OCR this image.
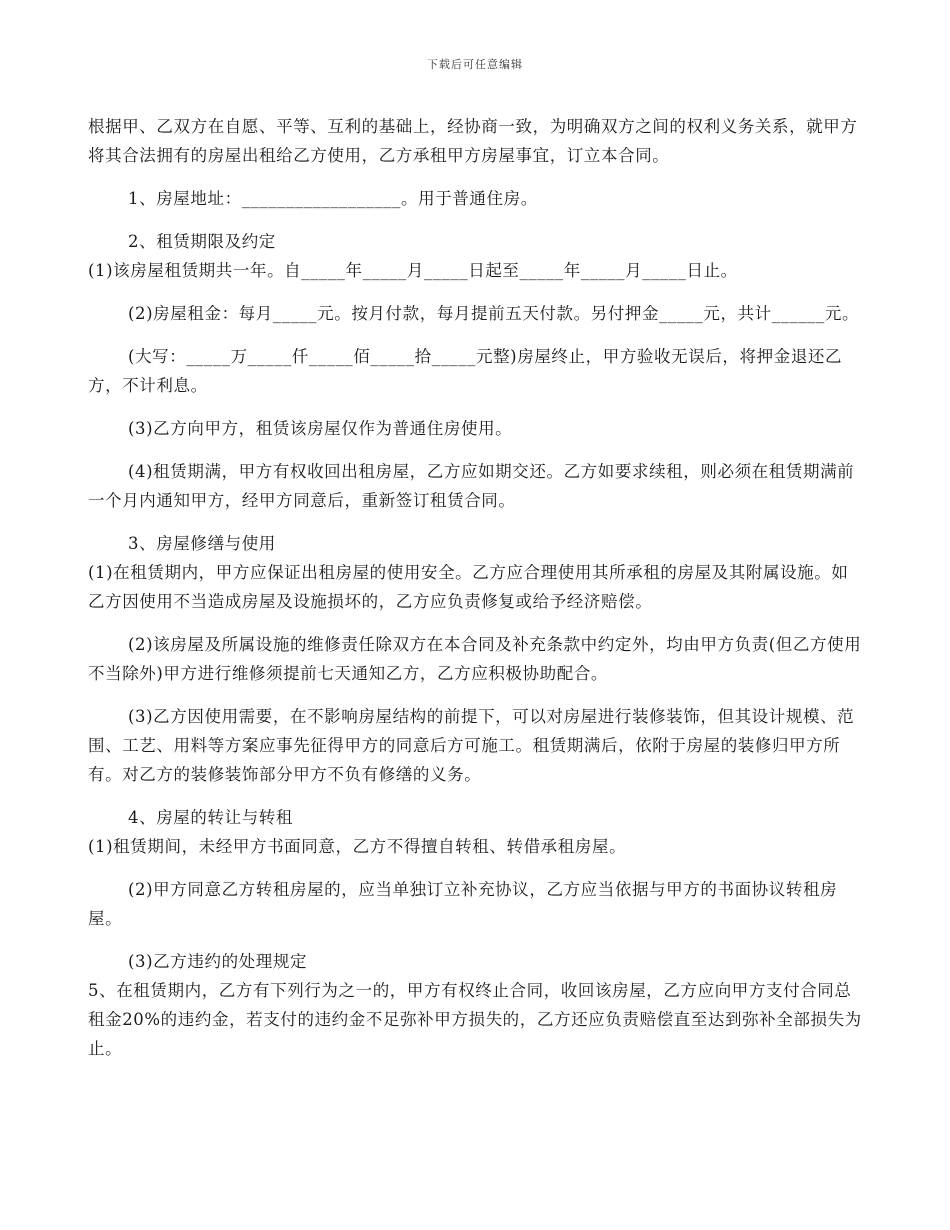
下载后可任意编辑

根据甲、乙双方在自愿、平等、互利的基础上，经协商一致，为明确双方之间的权利义务关系，就甲方将其合法拥有的房屋出租给乙方使用，乙方承租甲方房屋事宜，订立本合同。

1、房屋地址：__________________。用于普通住房。

2、租赁期限及约定

(1)该房屋租赁期共一年。自_____年_____月_____日起至_____年_____月_____日止。

(2)房屋租金：每月_____元。按月付款，每月提前五天付款。另付押金_____元，共计______元。

(大写：_____万_____仟_____佰_____拾_____元整)房屋终止，甲方验收无误后，将押金退还乙方，不计利息。

(3)乙方向甲方，租赁该房屋仅作为普通住房使用。

(4)租赁期满，甲方有权收回出租房屋，乙方应如期交还。乙方如要求续租，则必须在租赁期满前一个月内通知甲方，经甲方同意后，重新签订租赁合同。

3、房屋修缮与使用

(1)在租赁期内，甲方应保证出租房屋的使用安全。乙方应合理使用其所承租的房屋及其附属设施。如乙方因使用不当造成房屋及设施损坏的，乙方应负责修复或给予经济赔偿。

(2)该房屋及所属设施的维修责任除双方在本合同及补充条款中约定外，均由甲方负责(但乙方使用不当除外)甲方进行维修须提前七天通知乙方，乙方应积极协助配合。

(3)乙方因使用需要，在不影响房屋结构的前提下，可以对房屋进行装修装饰，但其设计规模、范围、工艺、用料等方案应事先征得甲方的同意后方可施工。租赁期满后，依附于房屋的装修归甲方所有。对乙方的装修装饰部分甲方不负有修缮的义务。

4、房屋的转让与转租

(1)租赁期间，未经甲方书面同意，乙方不得擅自转租、转借承租房屋。

(2)甲方同意乙方转租房屋的，应当单独订立补充协议，乙方应当依据与甲方的书面协议转租房屋。

(3)乙方违约的处理规定

5、在租赁期内，乙方有下列行为之一的，甲方有权终止合同，收回该房屋，乙方应向甲方支付合同总租金20%的违约金，若支付的违约金不足弥补甲方损失的，乙方还应负责赔偿直至达到弥补全部损失为止。
